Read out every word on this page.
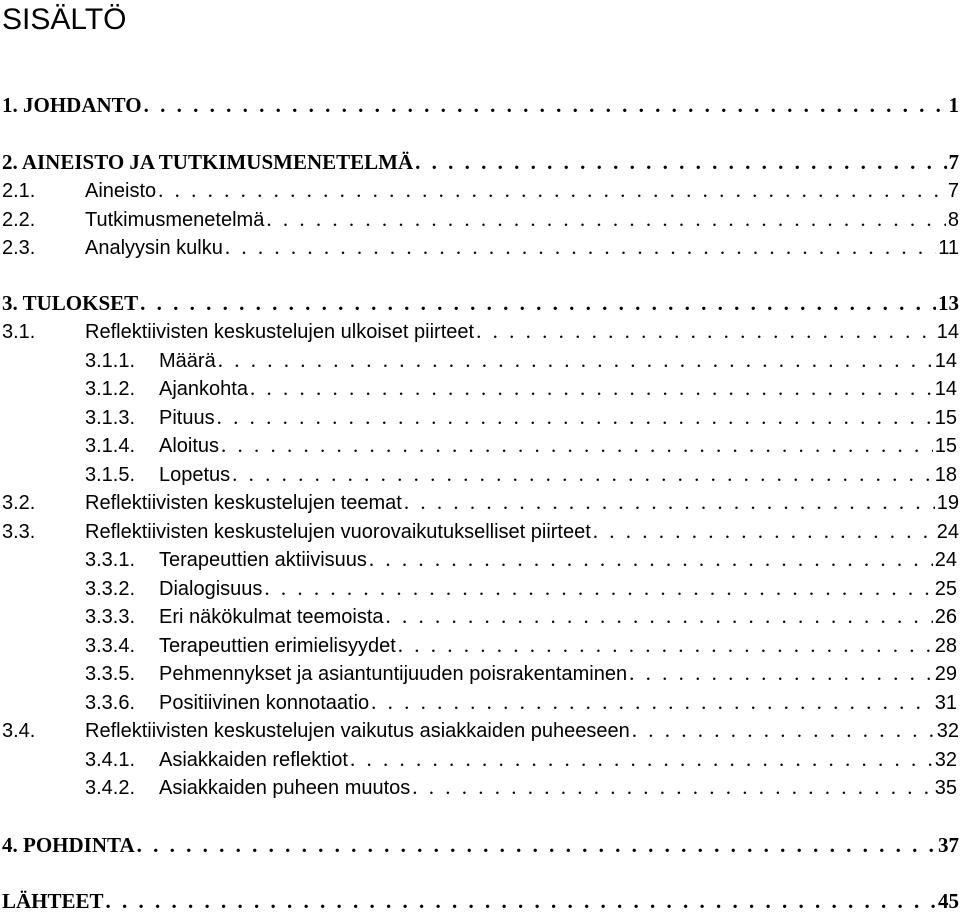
SISÄLTÖ
1. JOHDANTO . . .	1
2. AINEISTO JA TUTKIMUSMENETELMÄ . . .	7
2.1.	Aineisto . . .	7
2.2.	Tutkimusmenetelmä . . .	8
2.3.	Analyysin kulku . . .	11
3. TULOKSET . . .	13
3.1.	Reflektiivisten keskustelujen ulkoiset piirteet . . .	14
3.1.1.	Määrä . . .	14
3.1.2.	Ajankohta . . .	14
3.1.3.	Pituus . . .	15
3.1.4.	Aloitus . . .	15
3.1.5.	Lopetus . . .	18
3.2.	Reflektiivisten keskustelujen teemat . . .	19
3.3.	Reflektiivisten keskustelujen vuorovaikutukselliset piirteet . . .	24
3.3.1.	Terapeuttien aktiivisuus . . .	24
3.3.2.	Dialogisuus . . .	25
3.3.3.	Eri näkökulmat teemoista . . .	26
3.3.4.	Terapeuttien erimielisyydet . . .	28
3.3.5.	Pehmennykset ja asiantuntijuuden poisrakentaminen . . .	29
3.3.6.	Positiivinen konnotaatio . . .	31
3.4.	Reflektiivisten keskustelujen vaikutus asiakkaiden puheeseen . . .	32
3.4.1.	Asiakkaiden reflektiot . . .	32
3.4.2.	Asiakkaiden puheen muutos . . .	35
4. POHDINTA . . .	37
LÄHTEET . . .	45
